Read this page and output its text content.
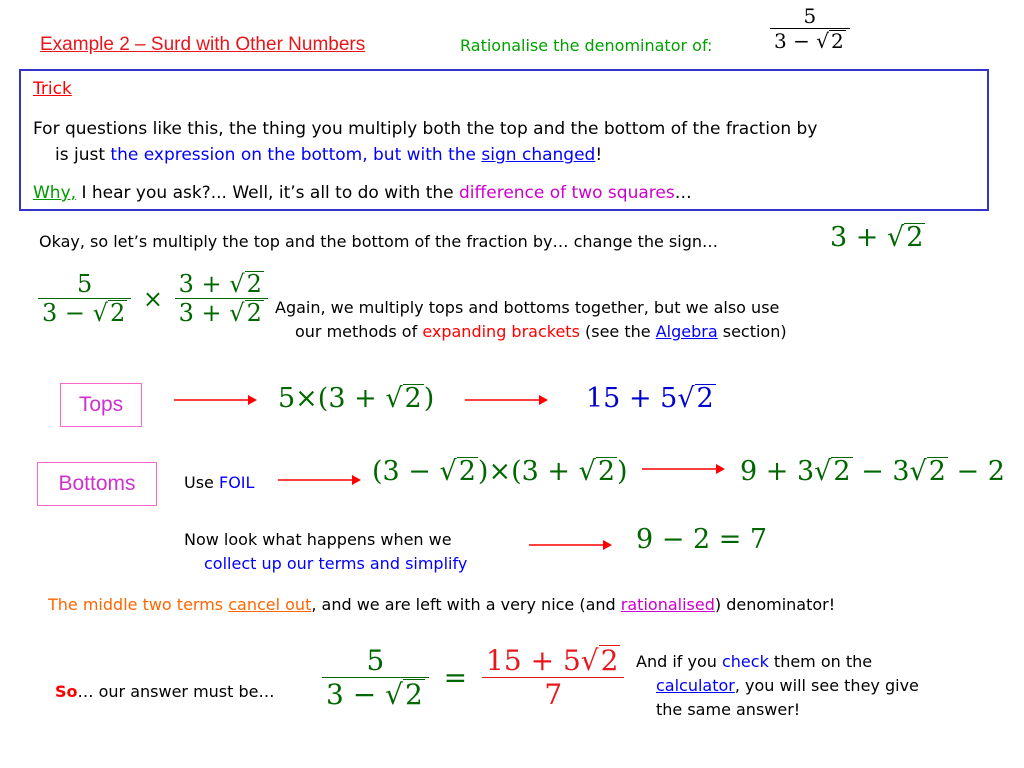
Example 2 – Surd with Other Numbers	Rationalise the denominator of:	$\frac{5}{3 - √ 2}$
Trick
For questions like this, the thing you multiply both the top and the bottom of the fraction by
is just the expression on the bottom, but with the sign changed!
Why, I hear you ask?... Well, it’s all to do with the difference of two squares…
Okay, so let’s multiply the top and the bottom of the fraction by… change the sign…	3 + √2
$\frac{5}{3 - √2} \times \frac{3 + √2}{3 + √2}$ Again, we multiply tops and bottoms together, but we also use
our methods of expanding brackets (see the Algebra section)
Tops	5×(3 + √2)	15 + 5√2
Bottoms	Use FOIL	(3 − √2)×(3 + √2)	9 + 3√2 − 3√2 − 2
Now look what happens when we
collect up our terms and simplify
9 − 2 = 7
The middle two terms cancel out, and we are left with a very nice (and rationalised) denominator!
So… our answer must be… $\frac{5}{3 - √2} = \frac{15 + 5√2}{7}$ And if you check them on the
calculator, you will see they give
the same answer!
